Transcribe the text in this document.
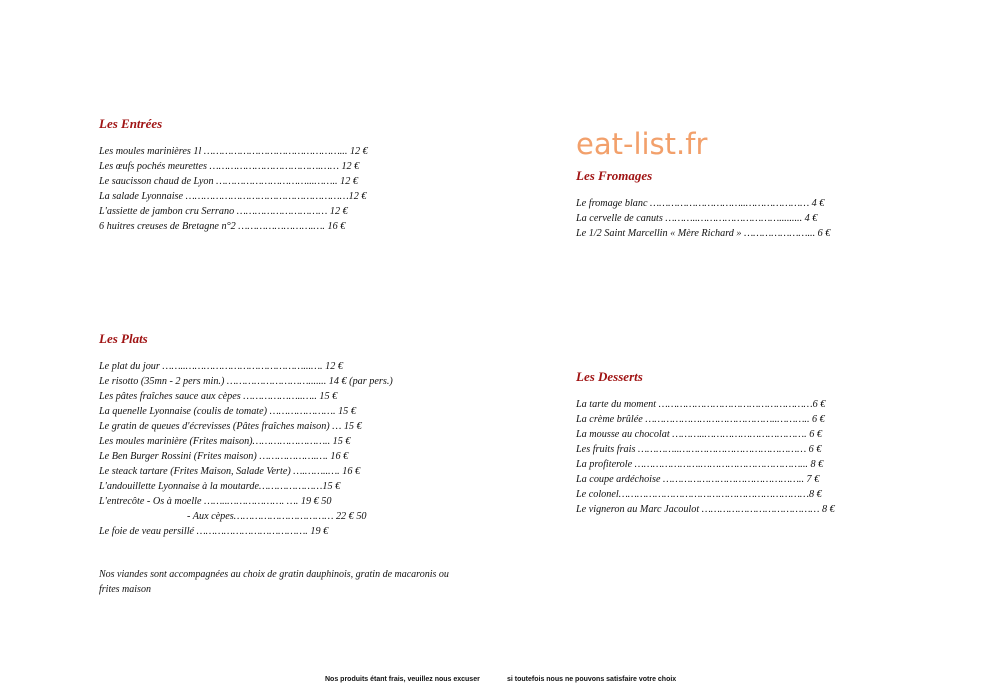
eat-list.fr
Les Entrées
Les moules marinières 1l ………………………………………... 12 €
Les œufs pochés meurettes ……………………………….…… 12 €
Le saucisson chaud de Lyon …………………………...…….. 12 €
La salade Lyonnaise ………………………………………………12 €
L'assiette de jambon cru Serrano ………………………… 12 €
6 huitres creuses de Bretagne n°2 …………………….…. 16 €
Les Plats
Le plat du jour ……..…………………………………...…. 12 €
Le risotto (35mn - 2 pers min.) ………………………....... 14 € (par pers.)
Les pâtes fraîches sauce aux cèpes ………………..….. 15 €
La quenelle Lyonnaise (coulis de tomate) …………………. 15 €
Le gratin de queues d'écrevisses (Pâtes fraîches maison) … 15 €
Les moules marinière (Frites maison)…………………….. 15 €
Le Ben Burger Rossini (Frites maison) ……………….…. 16 €
Le steack tartare (Frites Maison, Salade Verte) ….……..…. 16 €
L'andouillette Lyonnaise à la moutarde…………………15 €
L'entrecôte - Os à moelle ……..………………. …. 19 € 50
- Aux cèpes…………………………… 22 € 50
Le foie de veau persillé ………………………………. 19 €
Nos viandes sont accompagnées au choix de gratin dauphinois, gratin de macaronis ou frites maison
Les Fromages
Le fromage blanc …………………………..………………… 4 €
La cervelle de canuts ………..………………………......... 4 €
Le 1/2 Saint Marcellin « Mère Richard » …………………... 6 €
Les Desserts
La tarte du moment ……………………………………………6 €
La crème brûlée ……………………………………..……….. 6 €
La mousse au chocolat ………..……………………………. 6 €
Les fruits frais …………..…………………………………… 6 €
La profiterole ………………….……………………………... 8 €
La coupe ardéchoise ……………………………………….. 7 €
Le colonel………………………………………………………8 €
Le vigneron au Marc Jacoulot ………………………………… 8 €
Nos produits étant frais, veuillez nous excuser	si toutefois nous ne pouvons satisfaire votre choix
